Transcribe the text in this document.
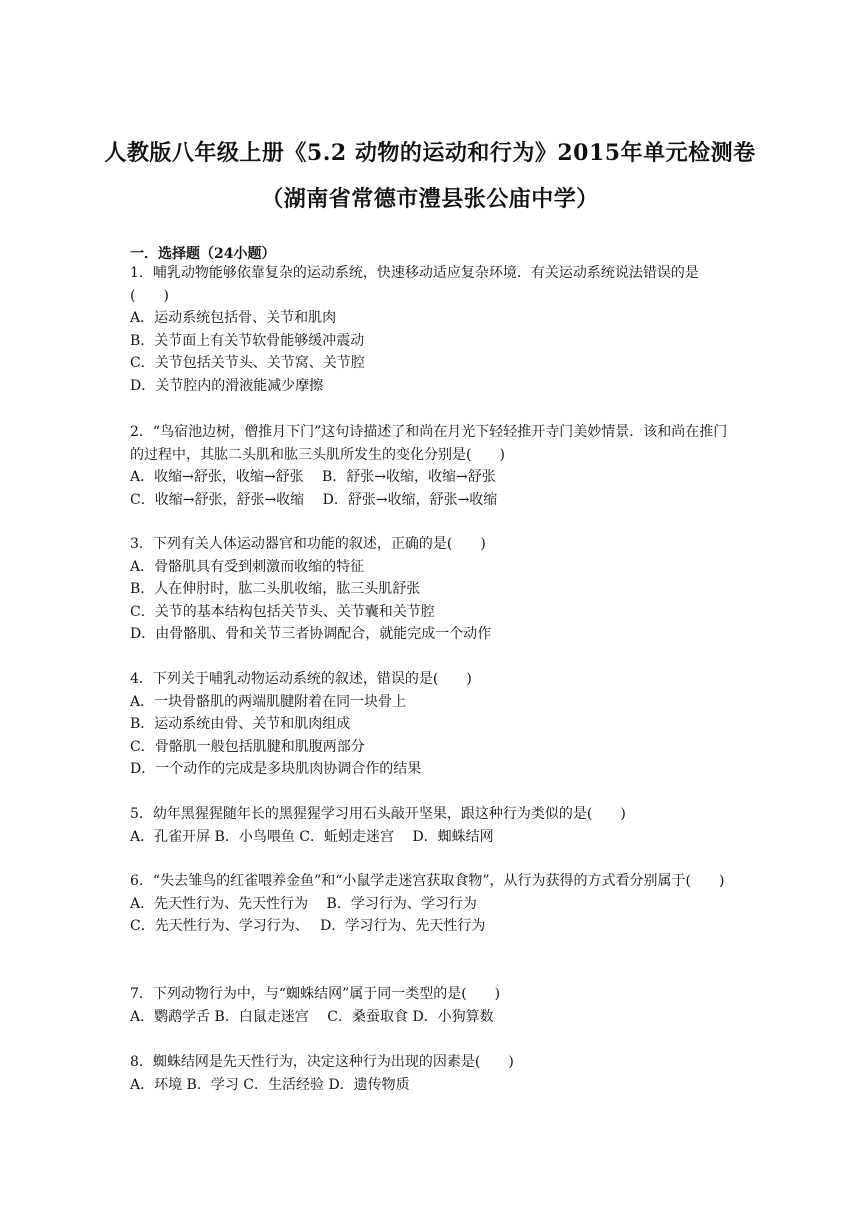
人教版八年级上册《5.2 动物的运动和行为》2015年单元检测卷
（湖南省常德市澧县张公庙中学）
一．选择题（24小题）
1．哺乳动物能够依靠复杂的运动系统，快速移动适应复杂环境．有关运动系统说法错误的是(　　)
A．运动系统包括骨、关节和肌肉
B．关节面上有关节软骨能够缓冲震动
C．关节包括关节头、关节窝、关节腔
D．关节腔内的滑液能减少摩擦
2．“鸟宿池边树，僧推月下门”这句诗描述了和尚在月光下轻轻推开寺门美妙情景．该和尚在推门的过程中，其肱二头肌和肱三头肌所发生的变化分别是(　　)
A．收缩→舒张，收缩→舒张　 B．舒张→收缩，收缩→舒张
C．收缩→舒张，舒张→收缩　 D．舒张→收缩，舒张→收缩
3．下列有关人体运动器官和功能的叙述，正确的是(　　)
A．骨骼肌具有受到刺激而收缩的特征
B．人在伸肘时，肱二头肌收缩，肱三头肌舒张
C．关节的基本结构包括关节头、关节囊和关节腔
D．由骨骼肌、骨和关节三者协调配合，就能完成一个动作
4．下列关于哺乳动物运动系统的叙述，错误的是(　　)
A．一块骨骼肌的两端肌腱附着在同一块骨上
B．运动系统由骨、关节和肌肉组成
C．骨骼肌一般包括肌腱和肌腹两部分
D．一个动作的完成是多块肌肉协调合作的结果
5．幼年黑猩猩随年长的黑猩猩学习用石头敲开坚果，跟这种行为类似的是(　　)
A．孔雀开屏 B．小鸟喂鱼 C．蚯蚓走迷宫　 D．蜘蛛结网
6．“失去雏鸟的红雀喂养金鱼”和“小鼠学走迷宫获取食物”，从行为获得的方式看分别属于(　　)
A．先天性行为、先天性行为　 B．学习行为、学习行为
C．先天性行为、学习行为、　 D．学习行为、先天性行为
7．下列动物行为中，与“蜘蛛结网”属于同一类型的是(　　)
A．鹦鹉学舌 B．白鼠走迷宫　 C．桑蚕取食 D．小狗算数
8．蜘蛛结网是先天性行为，决定这种行为出现的因素是(　　)
A．环境 B．学习 C．生活经验 D．遗传物质
